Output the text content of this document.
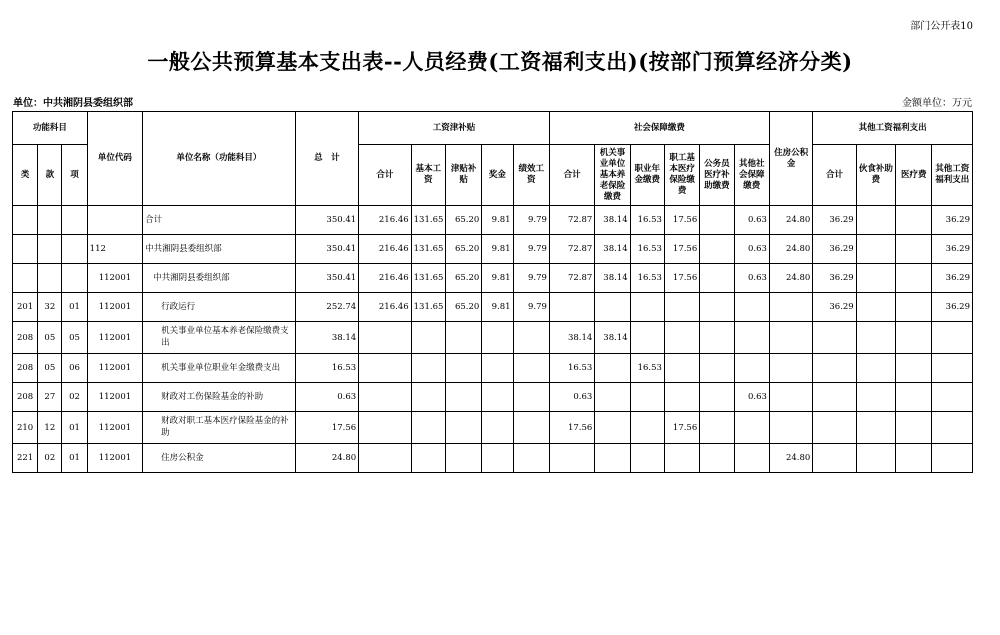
部门公开表10
一般公共预算基本支出表--人员经费(工资福利支出)(按部门预算经济分类)
单位：中共湘阴县委组织部	金额单位：万元
功能科目			单位代码	单位名称（功能科目）	总　计	工资津补贴					社会保障缴费						住房公积金	其他工资福利支出			
类	款	项				合计	基本工资	津贴补贴	奖金	绩效工资	合计	机关事业单位基本养老保险缴费	职业年金缴费	职工基本医疗保险缴费	公务员医疗补助缴费	其他社会保障缴费		合计	伙食补助费	医疗费	其他工资福利支出
				合计	350.41	216.46	131.65	65.20	9.81	9.79	72.87	38.14	16.53	17.56		0.63	24.80	36.29			36.29
			112	中共湘阴县委组织部	350.41	216.46	131.65	65.20	9.81	9.79	72.87	38.14	16.53	17.56		0.63	24.80	36.29			36.29
			112001	中共湘阴县委组织部	350.41	216.46	131.65	65.20	9.81	9.79	72.87	38.14	16.53	17.56		0.63	24.80	36.29			36.29
201	32	01	112001	行政运行	252.74	216.46	131.65	65.20	9.81	9.79								36.29			36.29
208	05	05	112001	机关事业单位基本养老保险缴费支出	38.14						38.14	38.14									
208	05	06	112001	机关事业单位职业年金缴费支出	16.53						16.53		16.53								
208	27	02	112001	财政对工伤保险基金的补助	0.63						0.63					0.63					
210	12	01	112001	财政对职工基本医疗保险基金的补助	17.56						17.56			17.56							
221	02	01	112001	住房公积金	24.80												24.80				
